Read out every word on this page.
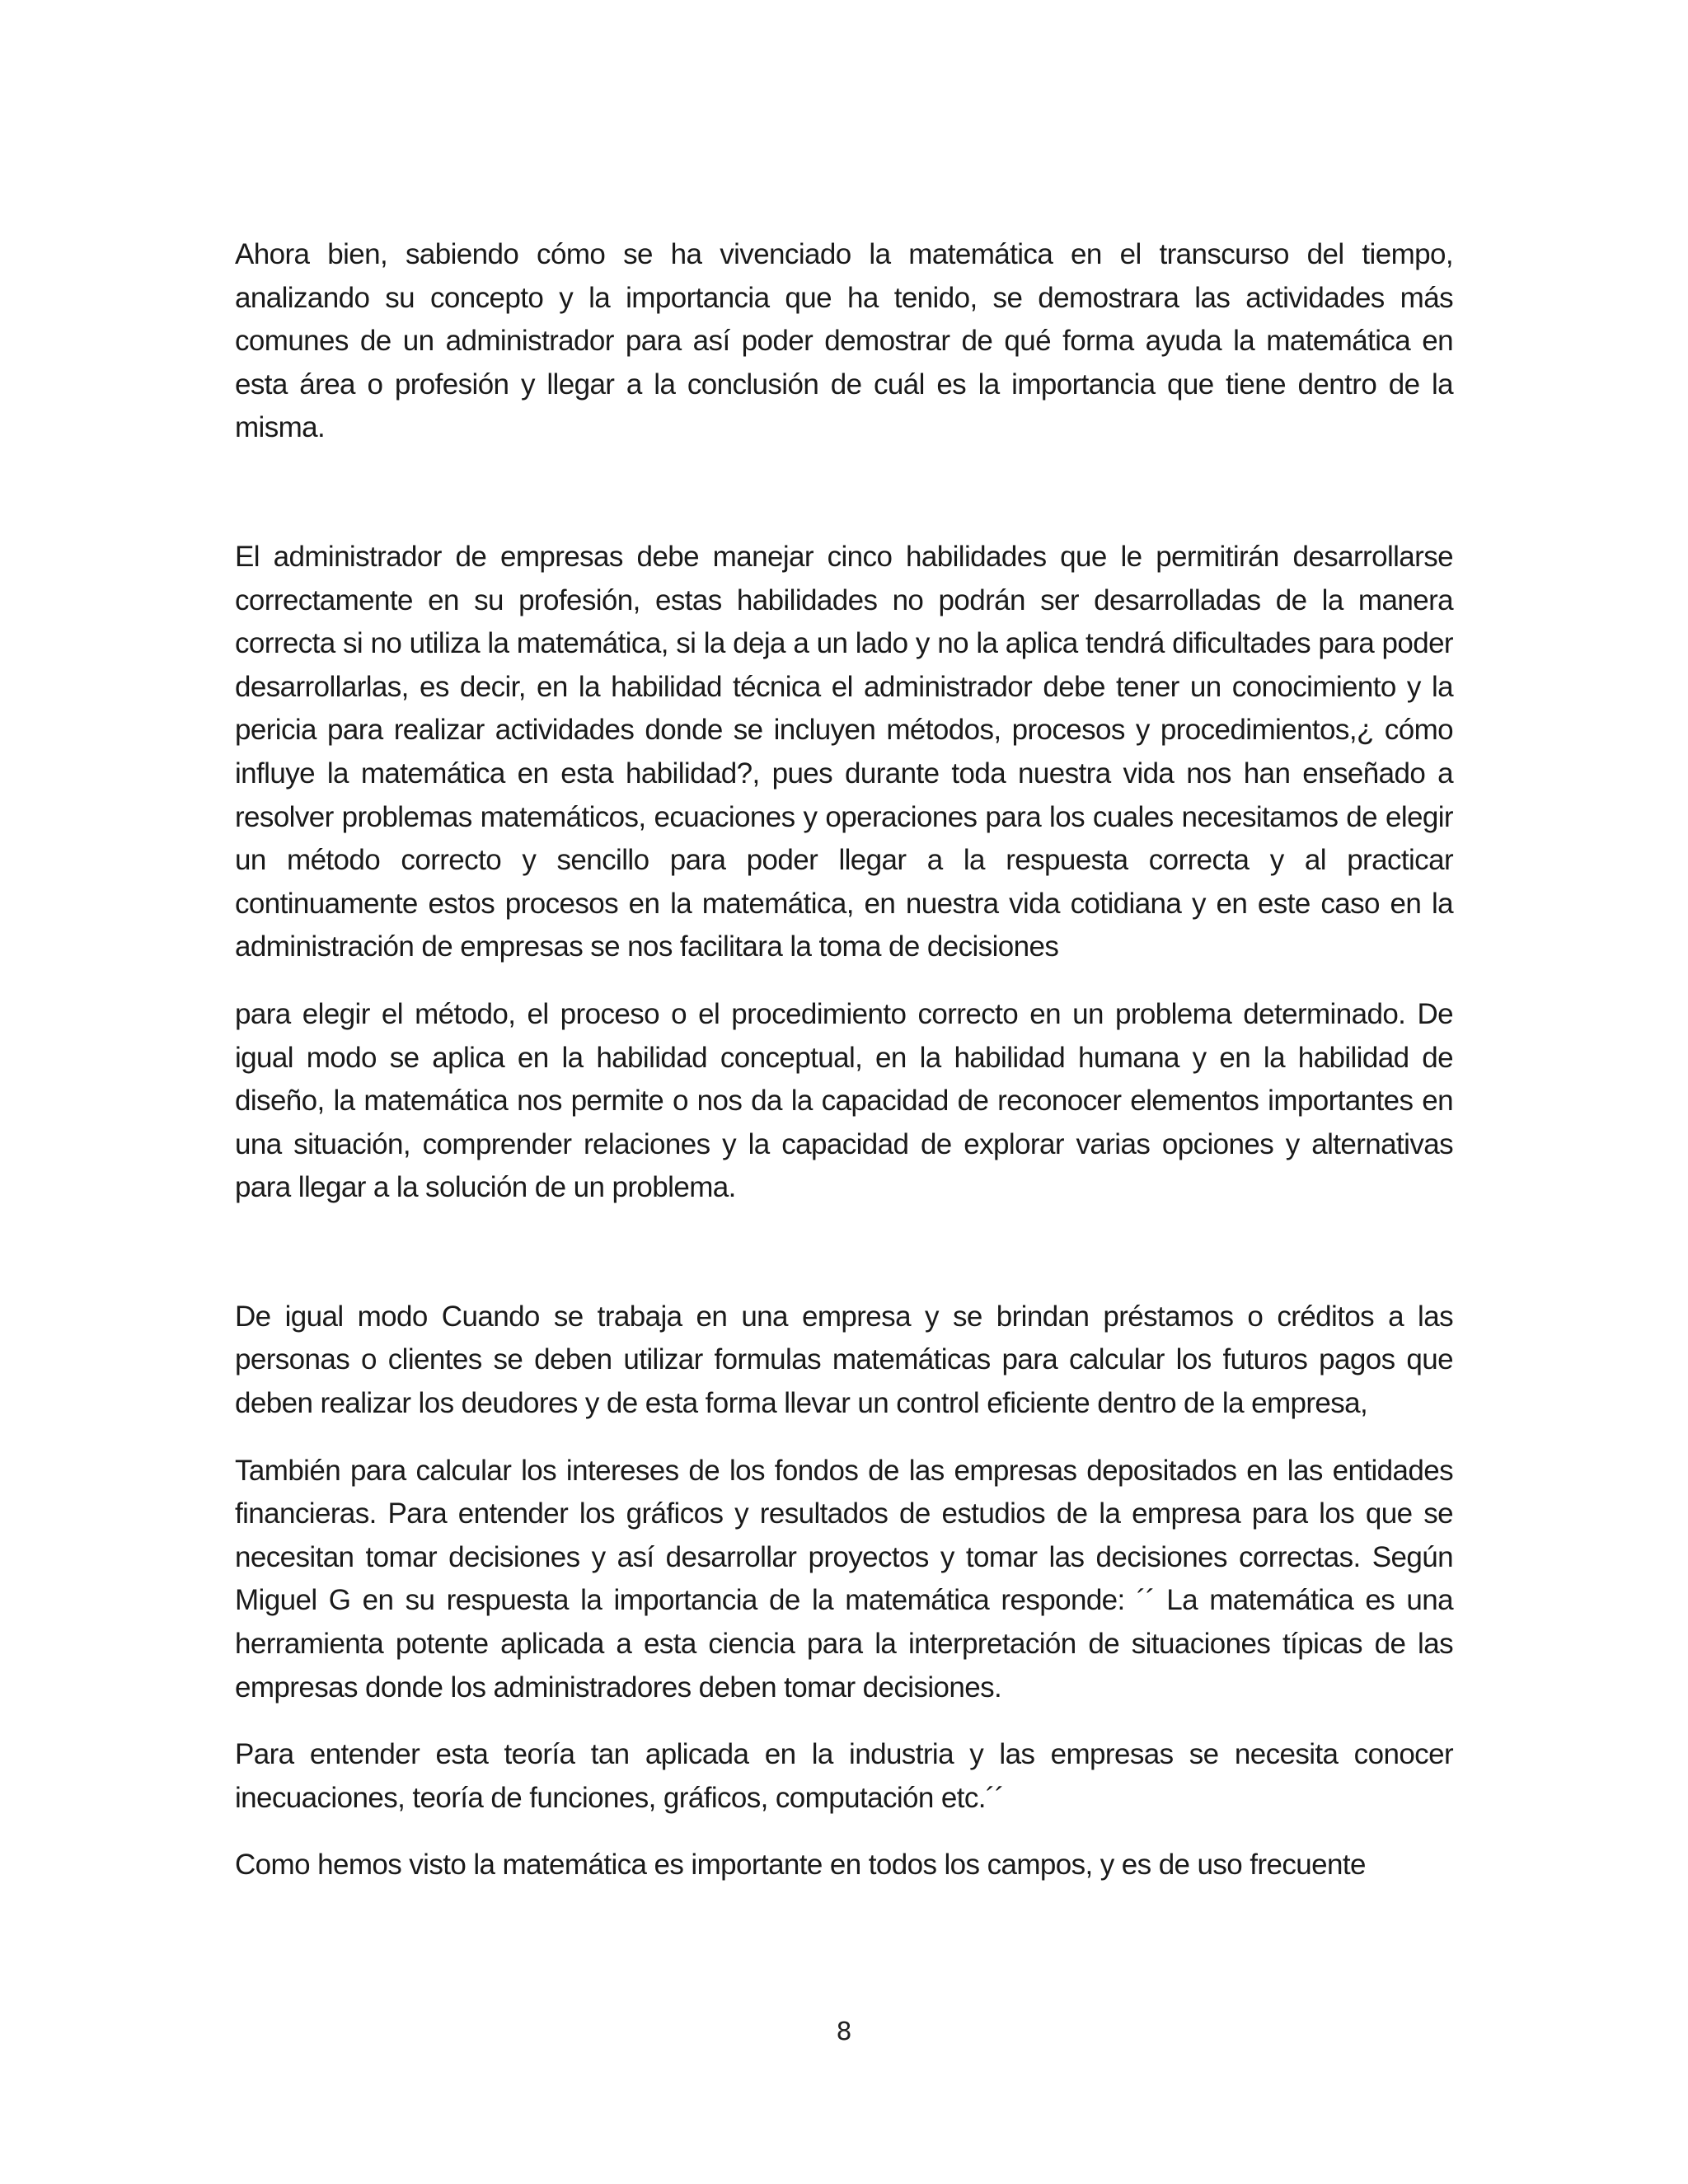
Ahora bien, sabiendo cómo se ha vivenciado la matemática en el transcurso del tiempo, analizando su concepto y la importancia que ha tenido, se demostrara las actividades más comunes de un administrador para así poder demostrar de qué forma ayuda la matemática en esta área o profesión y llegar a la conclusión de cuál es la importancia que tiene dentro de la misma.

El administrador de empresas debe manejar cinco habilidades que le permitirán desarrollarse correctamente en su profesión, estas habilidades no podrán ser desarrolladas de la manera correcta si no utiliza la matemática, si la deja a un lado y no la aplica tendrá dificultades para poder desarrollarlas, es decir, en la habilidad técnica el administrador debe tener un conocimiento y la pericia para realizar actividades donde se incluyen métodos, procesos y procedimientos,¿ cómo influye la matemática en esta habilidad?, pues durante toda nuestra vida nos han enseñado a resolver problemas matemáticos, ecuaciones y operaciones para los cuales necesitamos de elegir un método correcto y sencillo para poder llegar a la respuesta correcta y al practicar continuamente estos procesos en la matemática, en nuestra vida cotidiana y en este caso en la administración de empresas se nos facilitara la toma de decisiones

para elegir el método, el proceso o el procedimiento correcto en un problema determinado. De igual modo se aplica en la habilidad conceptual, en la habilidad humana y en la habilidad de diseño, la matemática nos permite o nos da la capacidad de reconocer elementos importantes en una situación, comprender relaciones y la capacidad de explorar varias opciones y alternativas para llegar a la solución de un problema.

De igual modo Cuando se trabaja en una empresa y se brindan préstamos o créditos a las personas o clientes se deben utilizar formulas matemáticas para calcular los futuros pagos que deben realizar los deudores y de esta forma llevar un control eficiente dentro de la empresa,

También para calcular los intereses de los fondos de las empresas depositados en las entidades financieras. Para entender los gráficos y resultados de estudios de la empresa para los que se necesitan tomar decisiones y así desarrollar proyectos y tomar las decisiones correctas. Según Miguel G en su respuesta la importancia de la matemática responde: ´´ La matemática es una herramienta potente aplicada a esta ciencia para la interpretación de situaciones típicas de las empresas donde los administradores deben tomar decisiones.

Para entender esta teoría tan aplicada en la industria y las empresas se necesita conocer inecuaciones, teoría de funciones, gráficos, computación etc.´´

Como hemos visto la matemática es importante en todos los campos, y es de uso frecuente

8
